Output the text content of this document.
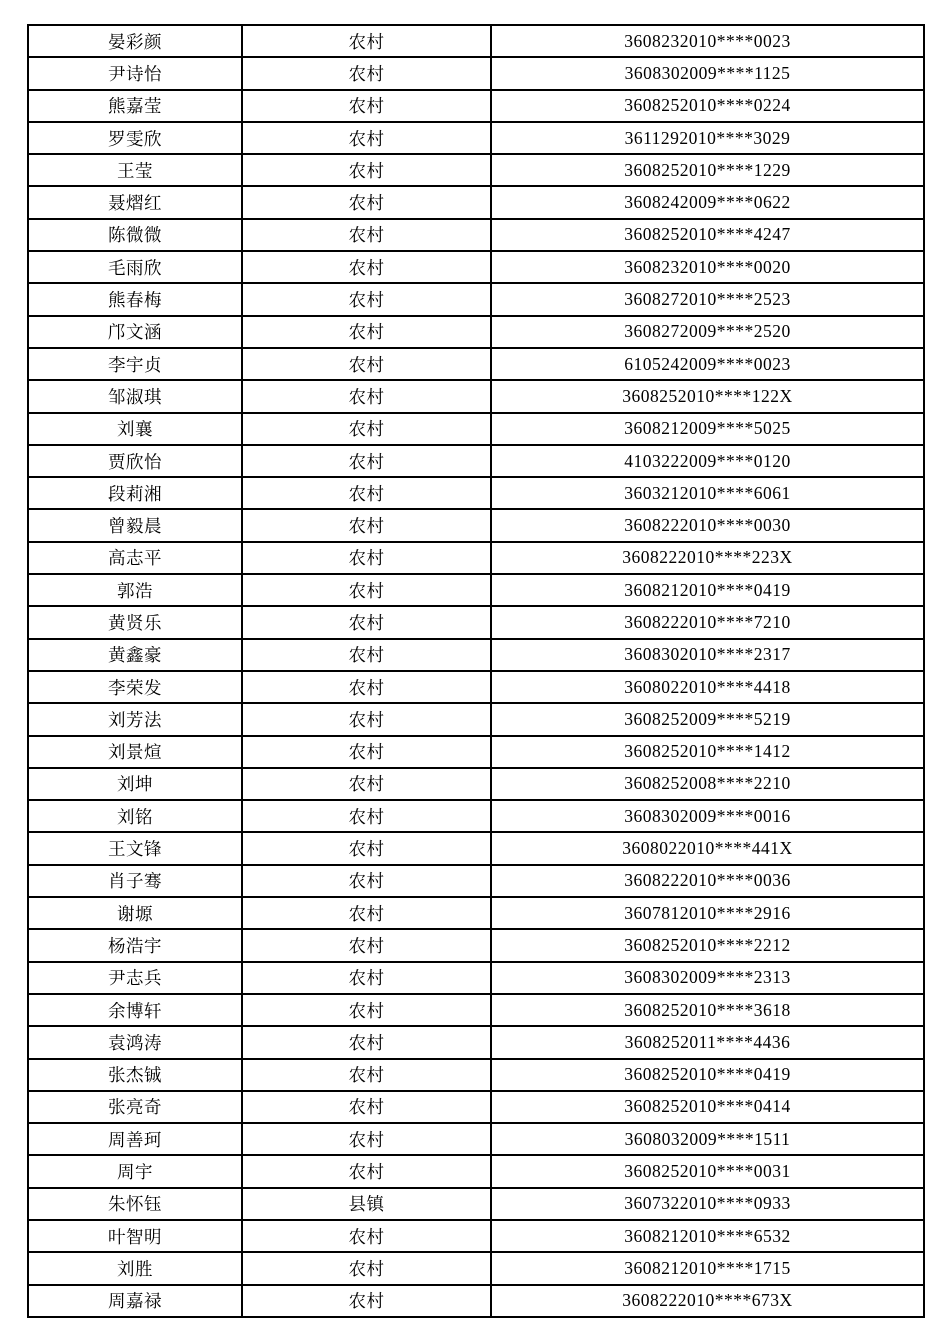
晏彩颜	农村	3608232010****0023
尹诗怡	农村	3608302009****1125
熊嘉莹	农村	3608252010****0224
罗雯欣	农村	3611292010****3029
王莹	农村	3608252010****1229
聂熠红	农村	3608242009****0622
陈微微	农村	3608252010****4247
毛雨欣	农村	3608232010****0020
熊春梅	农村	3608272010****2523
邝文涵	农村	3608272009****2520
李宇贞	农村	6105242009****0023
邹淑琪	农村	3608252010****122X
刘襄	农村	3608212009****5025
贾欣怡	农村	4103222009****0120
段莉湘	农村	3603212010****6061
曾毅晨	农村	3608222010****0030
高志平	农村	3608222010****223X
郭浩	农村	3608212010****0419
黄贤乐	农村	3608222010****7210
黄鑫豪	农村	3608302010****2317
李荣发	农村	3608022010****4418
刘芳法	农村	3608252009****5219
刘景煊	农村	3608252010****1412
刘坤	农村	3608252008****2210
刘铭	农村	3608302009****0016
王文锋	农村	3608022010****441X
肖子骞	农村	3608222010****0036
谢塬	农村	3607812010****2916
杨浩宇	农村	3608252010****2212
尹志兵	农村	3608302009****2313
余博轩	农村	3608252010****3618
袁鸿涛	农村	3608252011****4436
张杰铖	农村	3608252010****0419
张亮奇	农村	3608252010****0414
周善珂	农村	3608032009****1511
周宇	农村	3608252010****0031
朱怀钰	县镇	3607322010****0933
叶智明	农村	3608212010****6532
刘胜	农村	3608212010****1715
周嘉禄	农村	3608222010****673X
